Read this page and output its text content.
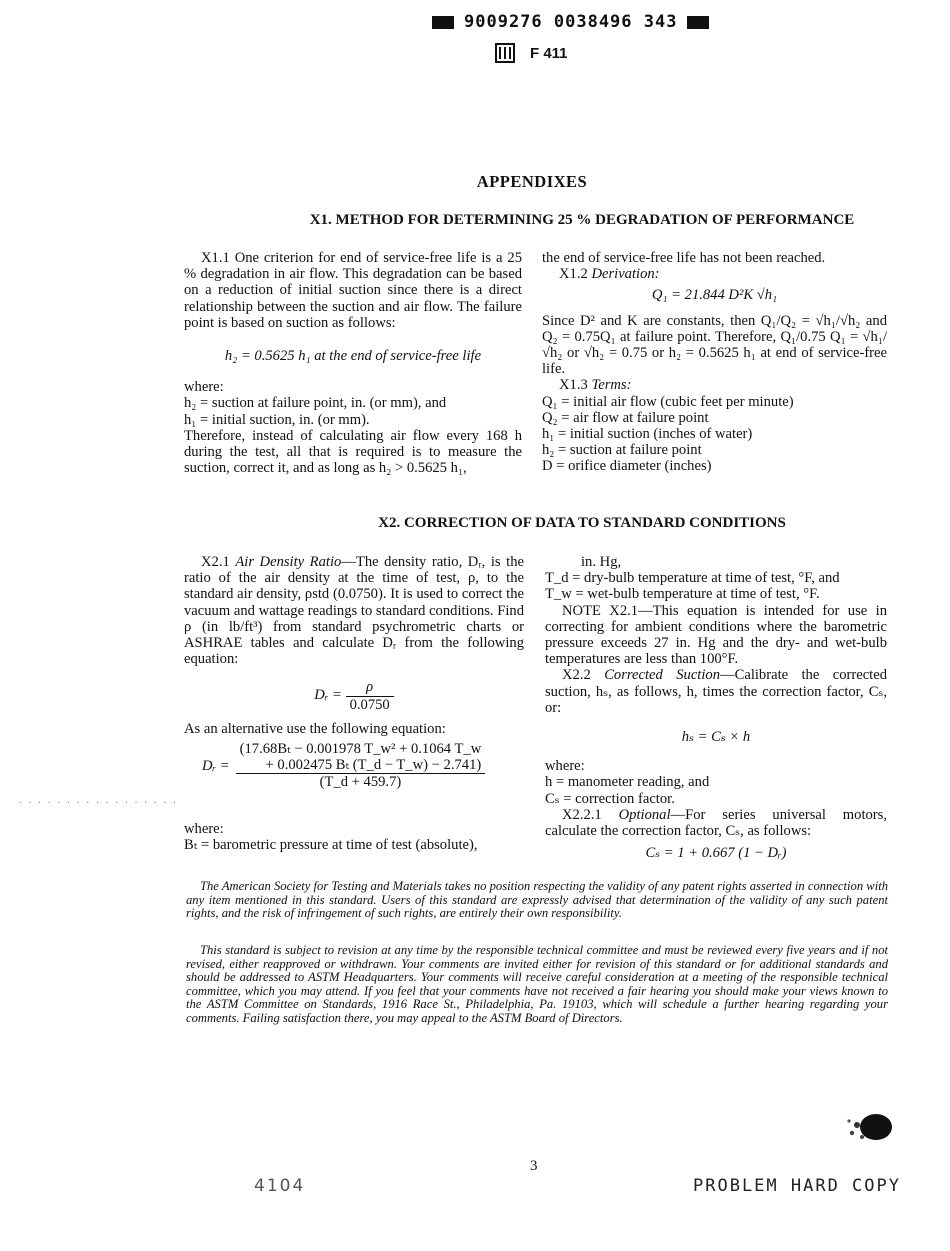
9009276 0038496 343
F 411
APPENDIXES
X1. METHOD FOR DETERMINING 25 % DEGRADATION OF PERFORMANCE

X1.1 One criterion for end of service-free life is a 25 % degradation in air flow. This degradation can be based on a reduction of initial suction since there is a direct relationship between the suction and air flow. The failure point is based on suction as follows:

h₂ = 0.5625 h₁ at the end of service-free life

where:

h₂ = suction at failure point, in. (or mm), and

h₁ = initial suction, in. (or mm).

Therefore, instead of calculating air flow every 168 h during the test, all that is required is to measure the suction, correct it, and as long as h₂ > 0.5625 h₁,

the end of service-free life has not been reached.

X1.2 Derivation:

Q₁ = 21.844 D²K √h₁

Since D² and K are constants, then Q₁/Q₂ = √h₁/√h₂ and Q₂ = 0.75Q₁ at failure point. Therefore, Q₁/0.75 Q₁ = √h₁/√h₂ or √h₂ = 0.75 or h₂ = 0.5625 h₁ at end of service-free life.

X1.3 Terms:

Q₁ = initial air flow (cubic feet per minute)

Q₂ = air flow at failure point

h₁ = initial suction (inches of water)

h₂ = suction at failure point

D = orifice diameter (inches)

X2. CORRECTION OF DATA TO STANDARD CONDITIONS

X2.1 Air Density Ratio—The density ratio, Dᵣ, is the ratio of the air density at the time of test, ρ, to the standard air density, ρstd (0.0750). It is used to correct the vacuum and wattage readings to standard conditions. Find ρ (in lb/ft³) from standard psychrometric charts or ASHRAE tables and calculate Dᵣ from the following equation:

Dᵣ = $\frac{\rho}{0.0750}$

As an alternative use the following equation:

Dᵣ =
(17.68Bₜ − 0.001978 T_w² + 0.1064 T_w
+ 0.002475 Bₜ (T_d − T_w) − 2.741)
(T_d + 459.7)

where:

Bₜ = barometric pressure at time of test (absolute),

in. Hg,

T_d = dry-bulb temperature at time of test, °F, and

T_w = wet-bulb temperature at time of test, °F.

NOTE X2.1—This equation is intended for use in correcting for ambient conditions where the barometric pressure exceeds 27 in. Hg and the dry- and wet-bulb temperatures are less than 100°F.

X2.2 Corrected Suction—Calibrate the corrected suction, hₛ, as follows, h, times the correction factor, Cₛ, or:

hₛ = Cₛ × h

where:

h = manometer reading, and

Cₛ = correction factor.

X2.2.1 Optional—For series universal motors, calculate the correction factor, Cₛ, as follows:

Cₛ = 1 + 0.667 (1 − Dᵣ)

The American Society for Testing and Materials takes no position respecting the validity of any patent rights asserted in connection with any item mentioned in this standard. Users of this standard are expressly advised that determination of the validity of any such patent rights, and the risk of infringement of such rights, are entirely their own responsibility.

This standard is subject to revision at any time by the responsible technical committee and must be reviewed every five years and if not revised, either reapproved or withdrawn. Your comments are invited either for revision of this standard or for additional standards and should be addressed to ASTM Headquarters. Your comments will receive careful consideration at a meeting of the responsible technical committee, which you may attend. If you feel that your comments have not received a fair hearing you should make your views known to the ASTM Committee on Standards, 1916 Race St., Philadelphia, Pa. 19103, which will schedule a further hearing regarding your comments. Failing satisfaction there, you may appeal to the ASTM Board of Directors.

· · · · · · · · · · · · · · · · ·
3
4104	PROBLEM HARD COPY
